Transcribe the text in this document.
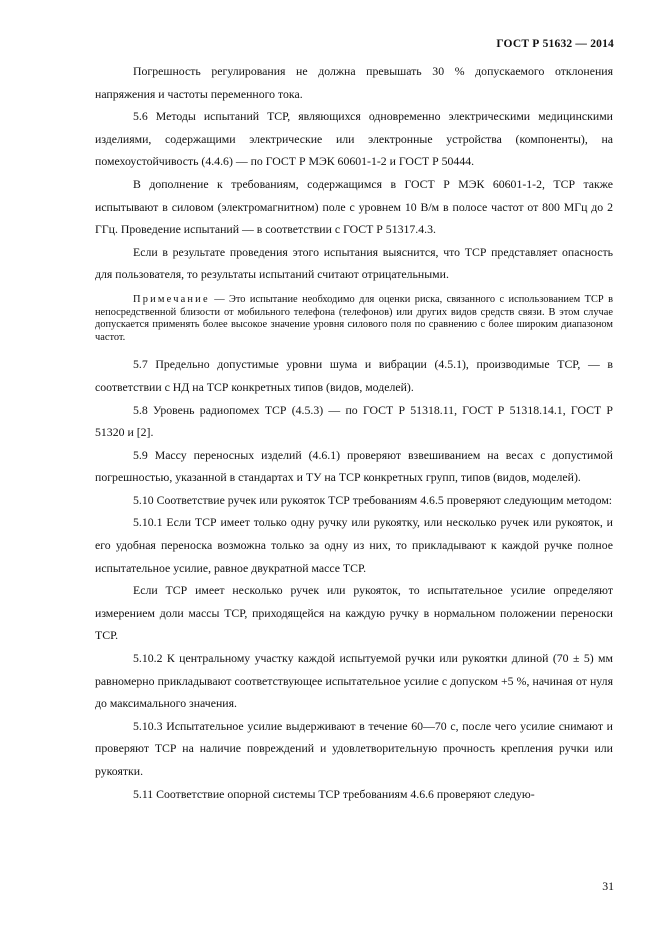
ГОСТ Р 51632 — 2014

Погрешность регулирования не должна превышать 30 % допускаемого отклонения напряжения и частоты переменного тока.

5.6 Методы испытаний ТСР, являющихся одновременно электрическими медицинскими изделиями, содержащими электрические или электронные устройства (компоненты), на помехоустойчивость (4.4.6) — по ГОСТ Р МЭК 60601-1-2 и ГОСТ Р 50444.

В дополнение к требованиям, содержащимся в ГОСТ Р МЭК 60601-1-2, ТСР также испытывают в силовом (электромагнитном) поле с уровнем 10 В/м в полосе частот от 800 МГц до 2 ГГц. Проведение испытаний — в соответствии с ГОСТ Р 51317.4.3.

Если в результате проведения этого испытания выяснится, что ТСР представляет опасность для пользователя, то результаты испытаний считают отрицательными.

Примечание — Это испытание необходимо для оценки риска, связанного с использованием ТСР в непосредственной близости от мобильного телефона (телефонов) или других видов средств связи. В этом случае допускается применять более высокое значение уровня силового поля по сравнению с более широким диапазоном частот.

5.7 Предельно допустимые уровни шума и вибрации (4.5.1), производимые ТСР, — в соответствии с НД на ТСР конкретных типов (видов, моделей).

5.8 Уровень радиопомех ТСР (4.5.3) — по ГОСТ Р 51318.11, ГОСТ Р 51318.14.1, ГОСТ Р 51320 и [2].

5.9 Массу переносных изделий (4.6.1) проверяют взвешиванием на весах с допустимой погрешностью, указанной в стандартах и ТУ на ТСР конкретных групп, типов (видов, моделей).

5.10 Соответствие ручек или рукояток ТСР требованиям 4.6.5 проверяют следующим методом:

5.10.1 Если ТСР имеет только одну ручку или рукоятку, или несколько ручек или рукояток, и его удобная переноска возможна только за одну из них, то прикладывают к каждой ручке полное испытательное усилие, равное двукратной массе ТСР.

Если ТСР имеет несколько ручек или рукояток, то испытательное усилие определяют измерением доли массы ТСР, приходящейся на каждую ручку в нормальном положении переноски ТСР.

5.10.2 К центральному участку каждой испытуемой ручки или рукоятки длиной (70 ± 5) мм равномерно прикладывают соответствующее испытательное усилие с допуском +5 %, начиная от нуля до максимального значения.

5.10.3 Испытательное усилие выдерживают в течение 60—70 с, после чего усилие снимают и проверяют ТСР на наличие повреждений и удовлетворительную прочность крепления ручки или рукоятки.

5.11 Соответствие опорной системы ТСР требованиям 4.6.6 проверяют следую-

31
